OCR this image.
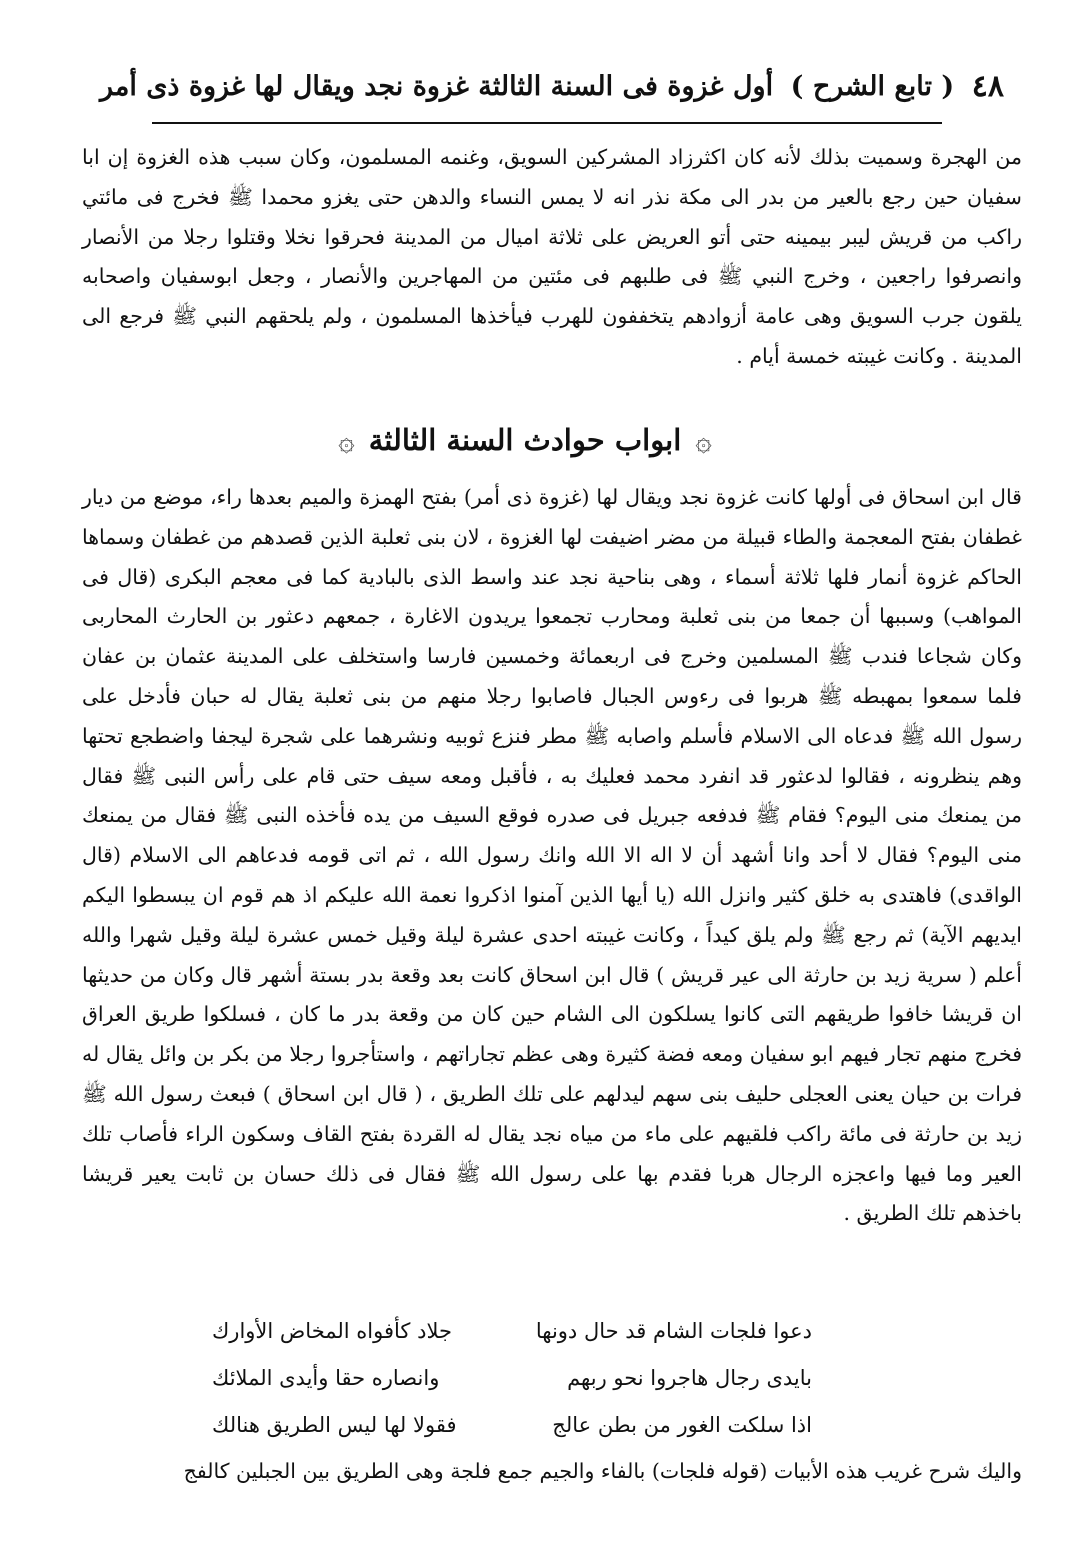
٤٨
( تابع الشرح )
أول غزوة فى السنة الثالثة غزوة نجد ويقال لها غزوة ذى أمر
من الهجرة وسميت بذلك لأنه كان اكثرزاد المشركين السويق، وغنمه المسلمون، وكان سبب هذه الغزوة إن ابا سفيان حين رجع بالعير من بدر الى مكة نذر انه لا يمس النساء والدهن حتى يغزو محمدا ﷺ فخرج فى مائتي راكب من قريش ليبر بيمينه حتى أتو العريض على ثلاثة اميال من المدينة فحرقوا نخلا وقتلوا رجلا من الأنصار وانصرفوا راجعين ، وخرج النبي ﷺ فى طلبهم فى مئتين من المهاجرين والأنصار ، وجعل ابوسفيان واصحابه يلقون جرب السويق وهى عامة أزوادهم يتخففون للهرب فيأخذها المسلمون ، ولم يلحقهم النبي ﷺ فرجع الى المدينة . وكانت غيبته خمسة أيام .
۞
ابواب حوادث السنة الثالثة
۞
قال ابن اسحاق فى أولها كانت غزوة نجد ويقال لها (غزوة ذى أمر) بفتح الهمزة والميم بعدها راء، موضع من ديار غطفان بفتح المعجمة والطاء قبيلة من مضر اضيفت لها الغزوة ، لان بنى ثعلبة الذين قصدهم من غطفان وسماها الحاكم غزوة أنمار فلها ثلاثة أسماء ، وهى بناحية نجد عند واسط الذى بالبادية كما فى معجم البكرى (قال فى المواهب) وسببها أن جمعا من بنى ثعلبة ومحارب تجمعوا يريدون الاغارة ، جمعهم دعثور بن الحارث المحاربى وكان شجاعا فندب ﷺ المسلمين وخرج فى اربعمائة وخمسين فارسا واستخلف على المدينة عثمان بن عفان فلما سمعوا بمهبطه ﷺ هربوا فى رءوس الجبال فاصابوا رجلا منهم من بنى ثعلبة يقال له حبان فأدخل على رسول الله ﷺ فدعاه الى الاسلام فأسلم واصابه ﷺ مطر فنزع ثوبيه ونشرهما على شجرة ليجفا واضطجع تحتها وهم ينظرونه ، فقالوا لدعثور قد انفرد محمد فعليك به ، فأقبل ومعه سيف حتى قام على رأس النبى ﷺ فقال من يمنعك منى اليوم؟ فقام ﷺ فدفعه جبريل فى صدره فوقع السيف من يده فأخذه النبى ﷺ فقال من يمنعك منى اليوم؟ فقال لا أحد وانا أشهد أن لا اله الا الله وانك رسول الله ، ثم اتى قومه فدعاهم الى الاسلام (قال الواقدى) فاهتدى به خلق كثير وانزل الله (يا أيها الذين آمنوا اذكروا نعمة الله عليكم اذ هم قوم ان يبسطوا اليكم ايديهم الآية) ثم رجع ﷺ ولم يلق كيداً ، وكانت غيبته احدى عشرة ليلة وقيل خمس عشرة ليلة وقيل شهرا والله أعلم ( سرية زيد بن حارثة الى عير قريش ) قال ابن اسحاق كانت بعد وقعة بدر بستة أشهر قال وكان من حديثها ان قريشا خافوا طريقهم التى كانوا يسلكون الى الشام حين كان من وقعة بدر ما كان ، فسلكوا طريق العراق فخرج منهم تجار فيهم ابو سفيان ومعه فضة كثيرة وهى عظم تجاراتهم ، واستأجروا رجلا من بكر بن وائل يقال له فرات بن حيان يعنى العجلى حليف بنى سهم ليدلهم على تلك الطريق ، ( قال ابن اسحاق ) فبعث رسول الله ﷺ زيد بن حارثة فى مائة راكب فلقيهم على ماء من مياه نجد يقال له القردة بفتح القاف وسكون الراء فأصاب تلك العير وما فيها واعجزه الرجال هربا فقدم بها على رسول الله ﷺ فقال فى ذلك حسان بن ثابت يعير قريشا باخذهم تلك الطريق .
دعوا فلجات الشام قد حال دونها
جلاد كأفواه المخاض الأوارك
بايدى رجال هاجروا نحو ربهم
وانصاره حقا وأيدى الملائك
اذا سلكت الغور من بطن عالج
فقولا لها ليس الطريق هنالك
واليك شرح غريب هذه الأبيات (قوله فلجات) بالفاء والجيم جمع فلجة وهى الطريق بين الجبلين كالفج
